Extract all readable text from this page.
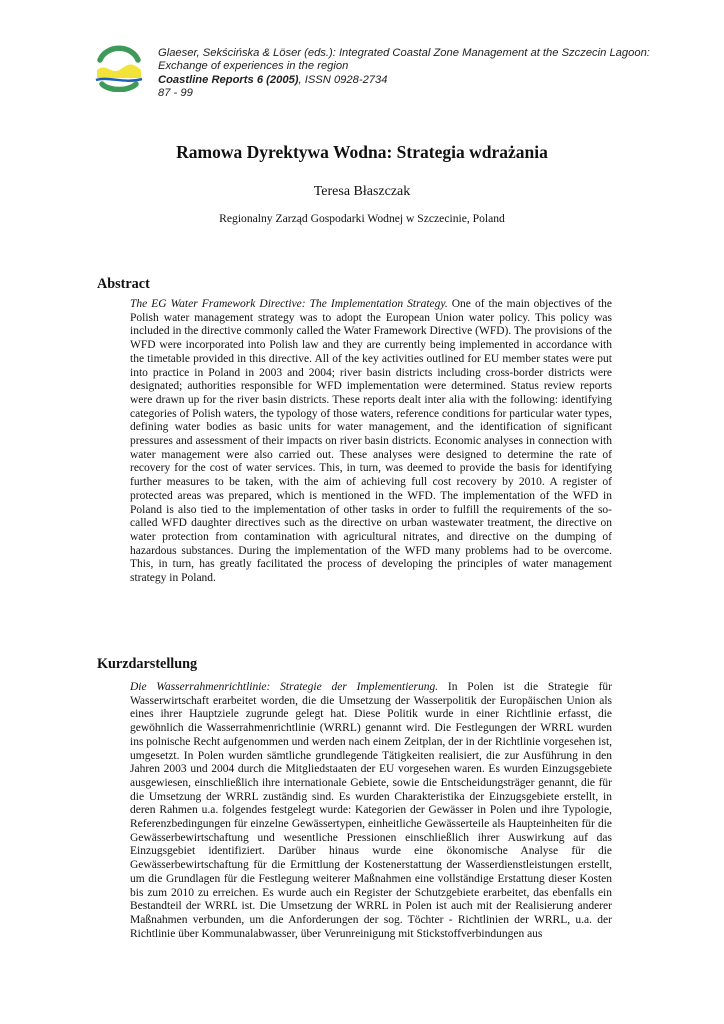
Glaeser, Sekścińska & Löser (eds.): Integrated Coastal Zone Management at the Szczecin Lagoon:
Exchange of experiences in the region
Coastline Reports 6 (2005), ISSN 0928-2734
87 - 99
Ramowa Dyrektywa Wodna: Strategia wdrażania
Teresa Błaszczak
Regionalny Zarząd Gospodarki Wodnej w Szczecinie, Poland
Abstract
The EG Water Framework Directive: The Implementation Strategy. One of the main objectives of the Polish water management strategy was to adopt the European Union water policy. This policy was included in the directive commonly called the Water Framework Directive (WFD). The provisions of the WFD were incorporated into Polish law and they are currently being implemented in accordance with the timetable provided in this directive. All of the key activities outlined for EU member states were put into practice in Poland in 2003 and 2004; river basin districts including cross-border districts were designated; authorities responsible for WFD implementation were determined. Status review reports were drawn up for the river basin districts. These reports dealt inter alia with the following: identifying categories of Polish waters, the typology of those waters, reference conditions for particular water types, defining water bodies as basic units for water management, and the identification of significant pressures and assessment of their impacts on river basin districts. Economic analyses in connection with water management were also carried out. These analyses were designed to determine the rate of recovery for the cost of water services. This, in turn, was deemed to provide the basis for identifying further measures to be taken, with the aim of achieving full cost recovery by 2010. A register of protected areas was prepared, which is mentioned in the WFD. The implementation of the WFD in Poland is also tied to the implementation of other tasks in order to fulfill the requirements of the so-called WFD daughter directives such as the directive on urban wastewater treatment, the directive on water protection from contamination with agricultural nitrates, and directive on the dumping of hazardous substances. During the implementation of the WFD many problems had to be overcome. This, in turn, has greatly facilitated the process of developing the principles of water management strategy in Poland.
Kurzdarstellung
Die Wasserrahmenrichtlinie: Strategie der Implementierung. In Polen ist die Strategie für Wasserwirtschaft erarbeitet worden, die die Umsetzung der Wasserpolitik der Europäischen Union als eines ihrer Hauptziele zugrunde gelegt hat. Diese Politik wurde in einer Richtlinie erfasst, die gewöhnlich die Wasserrahmenrichtlinie (WRRL) genannt wird. Die Festlegungen der WRRL wurden ins polnische Recht aufgenommen und werden nach einem Zeitplan, der in der Richtlinie vorgesehen ist, umgesetzt. In Polen wurden sämtliche grundlegende Tätigkeiten realisiert, die zur Ausführung in den Jahren 2003 und 2004 durch die Mitgliedstaaten der EU vorgesehen waren. Es wurden Einzugsgebiete ausgewiesen, einschließlich ihre internationale Gebiete, sowie die Entscheidungsträger genannt, die für die Umsetzung der WRRL zuständig sind. Es wurden Charakteristika der Einzugsgebiete erstellt, in deren Rahmen u.a. folgendes festgelegt wurde: Kategorien der Gewässer in Polen und ihre Typologie, Referenzbedingungen für einzelne Gewässertypen, einheitliche Gewässerteile als Haupteinheiten für die Gewässerbewirtschaftung und wesentliche Pressionen einschließlich ihrer Auswirkung auf das Einzugsgebiet identifiziert. Darüber hinaus wurde eine ökonomische Analyse für die Gewässerbewirtschaftung für die Ermittlung der Kostenerstattung der Wasserdienstleistungen erstellt, um die Grundlagen für die Festlegung weiterer Maßnahmen eine vollständige Erstattung dieser Kosten bis zum 2010 zu erreichen. Es wurde auch ein Register der Schutzgebiete erarbeitet, das ebenfalls ein Bestandteil der WRRL ist. Die Umsetzung der WRRL in Polen ist auch mit der Realisierung anderer Maßnahmen verbunden, um die Anforderungen der sog. Töchter - Richtlinien der WRRL, u.a. der Richtlinie über Kommunalabwasser, über Verunreinigung mit Stickstoffverbindungen aus
